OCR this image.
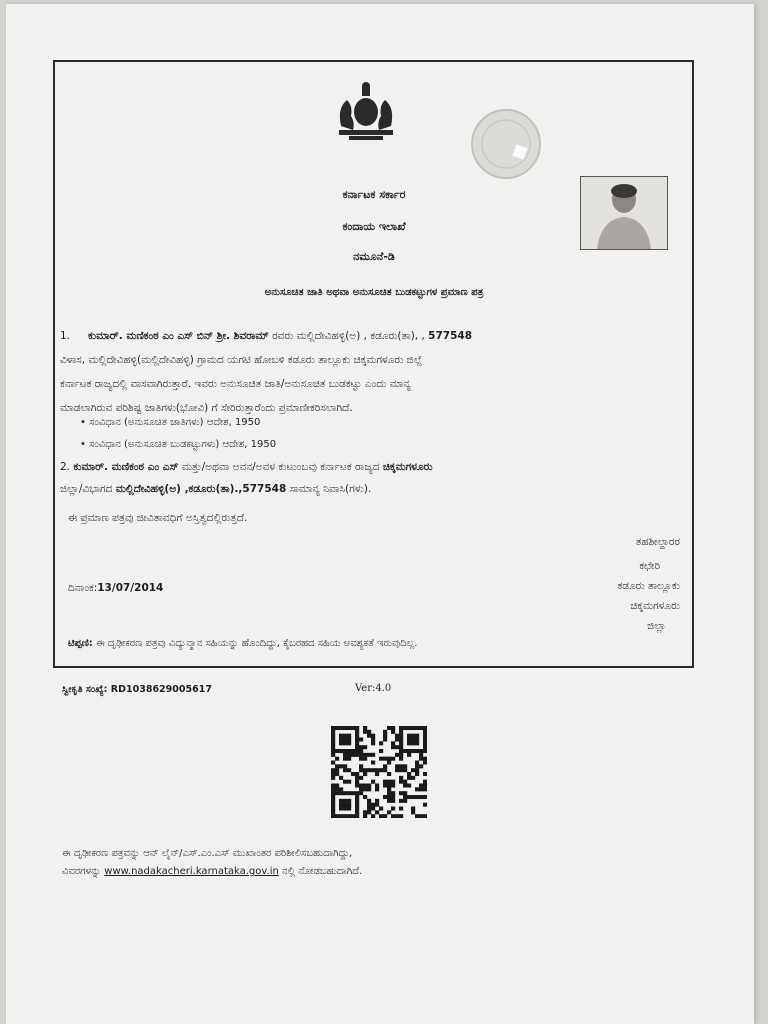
ಕರ್ನಾಟಕ ಸರ್ಕಾರ
ಕಂದಾಯ ಇಲಾಖೆ
ನಮೂನೆ-ಡಿ
ಅನುಸೂಚಿತ ಜಾತಿ ಅಥವಾ ಅನುಸೂಚಿತ ಬುಡಕಟ್ಟುಗಳ ಪ್ರಮಾಣ ಪತ್ರ
1. ಕುಮಾರ್. ಮಣಿಕಂಠ ಎಂ ಎಸ್ ಬಿನ್ ಶ್ರೀ. ಶಿವರಾಮ್ ರವರು ಮಲ್ಲಿದೇವಿಹಳ್ಳಿ(ಅ) , ಕಡೂರು(ತಾ), , 577548
ವಿಳಾಸ, ಮಲ್ಲಿದೇವಿಹಳ್ಳಿ(ಮಲ್ಲಿದೇವಿಹಳ್ಳಿ) ಗ್ರಾಮದ ಯಗಟಿ ಹೋಬಳಿ ಕಡೂರು ತಾಲ್ಲೂಕು ಚಿಕ್ಕಮಗಳೂರು ಜಿಲ್ಲೆ
ಕರ್ನಾಟಕ ರಾಜ್ಯದಲ್ಲಿ ವಾಸವಾಗಿರುತ್ತಾರೆ. ಇವರು ಅನುಸೂಚಿತ ಜಾತಿ/ಅನುಸೂಚಿತ ಬುಡಕಟ್ಟು ಎಂದು ಮಾನ್ಯ
ಮಾಡಲಾಗಿರುವ ಪರಿಶಿಷ್ಟ ಜಾತಿಗಳು(ಭೋವಿ) ಗೆ ಸೇರಿರುತ್ತಾರೆಂದು ಪ್ರಮಾಣೀಕರಿಸಲಾಗಿದೆ.
• ಸಂವಿಧಾನ (ಅನುಸೂಚಿತ ಜಾತಿಗಳು) ಆದೇಶ, 1950
• ಸಂವಿಧಾನ (ಅನುಸೂಚಿತ ಬುಡಕಟ್ಟುಗಳು) ಆದೇಶ, 1950
2. ಕುಮಾರ್. ಮಣಿಕಂಠ ಎಂ ಎಸ್ ಮತ್ತು/ಅಥವಾ ಅವನ/ಅವಳ ಕುಟುಂಬವು ಕರ್ನಾಟಕ ರಾಜ್ಯದ ಚಿಕ್ಕಮಗಳೂರು
ಜಿಲ್ಲಾ/ವಿಭಾಗದ ಮಲ್ಲಿದೇವಿಹಳ್ಳಿ(ಅ) ,ಕಡೂರು(ತಾ).,577548 ಸಾಮಾನ್ಯ ನಿವಾಸಿ(ಗಳು).
ಈ ಪ್ರಮಾಣ ಪತ್ರವು ಜೀವಿತಾವಧಿಗೆ ಅಸ್ತಿತ್ವದಲ್ಲಿರುತ್ತದೆ.
ತಹಶೀಲ್ದಾರರ
ಕಛೇರಿ
ಕಡೂರು ತಾಲ್ಲೂಕು
ಚಿಕ್ಕಮಗಳೂರು
ಜಿಲ್ಲಾ
ದಿನಾಂಕ:13/07/2014
ಟಿಪ್ಪಣಿ: ಈ ದೃಢೀಕರಣ ಪತ್ರವು ವಿದ್ಯುನ್ಮಾನ ಸಹಿಯನ್ನು ಹೊಂದಿದ್ದು, ಕೈಬರಹದ ಸಹಿಯ ಅವಶ್ಯಕತೆ ಇರುವುದಿಲ್ಲ.
ಸ್ವೀಕೃತಿ ಸಂಖ್ಯೆ: RD1038629005617	Ver:4.0
ಈ ದೃಢೀಕರಣ ಪತ್ರವನ್ನು ಆನ್ ಲೈನ್/ಎಸ್.ಎಂ.ಎಸ್ ಮುಖಾಂತರ ಪರಿಶೀಲಿಸಬಹುದಾಗಿದ್ದು,
ವಿವರಗಳನ್ನು www.nadakacheri.karnataka.gov.in ನಲ್ಲಿ ನೋಡಬಹುದಾಗಿದೆ.
